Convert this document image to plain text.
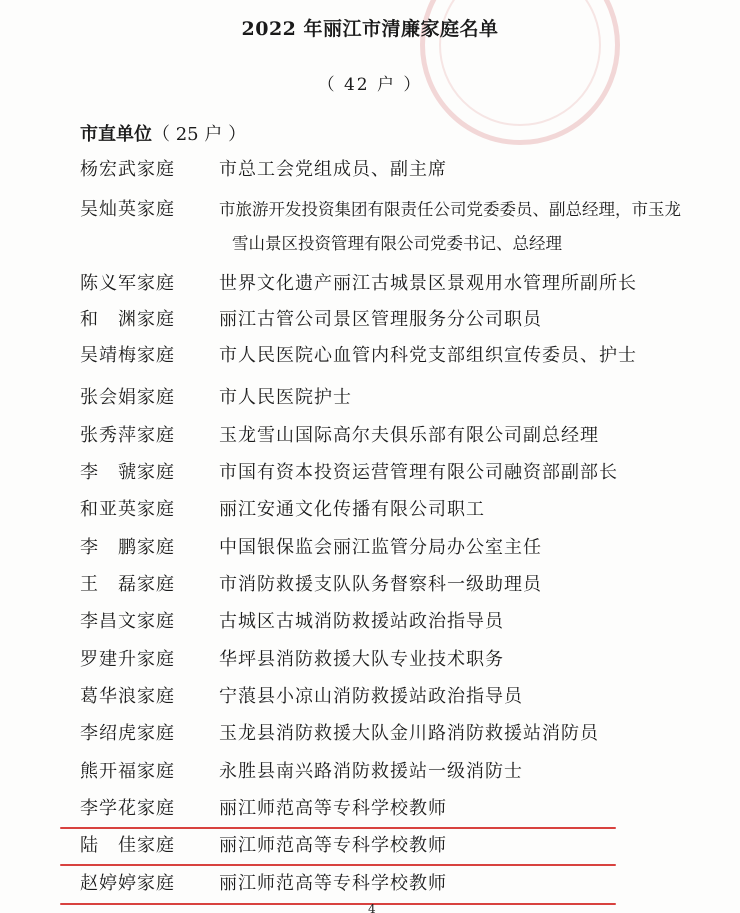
2022 年丽江市清廉家庭名单
（ 42 户 ）
市直单位（ 25 户 ）
杨宏武家庭	市总工会党组成员、副主席
吴灿英家庭	市旅游开发投资集团有限责任公司党委委员、副总经理，市玉龙
雪山景区投资管理有限公司党委书记、总经理
陈义军家庭	世界文化遗产丽江古城景区景观用水管理所副所长
和　渊家庭	丽江古管公司景区管理服务分公司职员
吴靖梅家庭	市人民医院心血管内科党支部组织宣传委员、护士
张会娟家庭	市人民医院护士
张秀萍家庭	玉龙雪山国际高尔夫俱乐部有限公司副总经理
李　虢家庭	市国有资本投资运营管理有限公司融资部副部长
和亚英家庭	丽江安通文化传播有限公司职工
李　鹏家庭	中国银保监会丽江监管分局办公室主任
王　磊家庭	市消防救援支队队务督察科一级助理员
李昌文家庭	古城区古城消防救援站政治指导员
罗建升家庭	华坪县消防救援大队专业技术职务
葛华浪家庭	宁蒗县小凉山消防救援站政治指导员
李绍虎家庭	玉龙县消防救援大队金川路消防救援站消防员
熊开福家庭	永胜县南兴路消防救援站一级消防士
李学花家庭	丽江师范高等专科学校教师
陆　佳家庭	丽江师范高等专科学校教师
赵婷婷家庭	丽江师范高等专科学校教师
4
